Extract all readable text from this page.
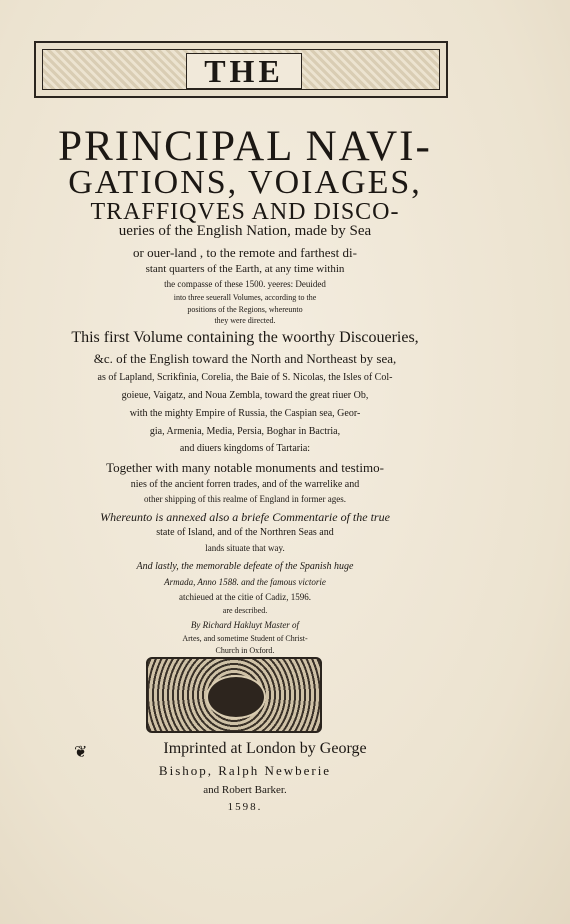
THE
PRINCIPAL NAVI-
GATIONS, VOIAGES,
TRAFFIQVES AND DISCO-
ueries of the English Nation, made by Sea
or ouer-land , to the remote and farthest di-
stant quarters of the Earth, at any time within
the compasse of these 1500. yeeres: Deuided
into three seuerall Volumes, according to the
positions of the Regions, whereunto
they were directed.
This first Volume containing the woorthy Discoueries,
&c. of the English toward the North and Northeast by sea,
as of Lapland, Scrikfinia, Corelia, the Baie of S. Nicolas, the Isles of Col-
goieue, Vaigatz, and Noua Zembla, toward the great riuer Ob,
with the mighty Empire of Russia, the Caspian sea, Geor-
gia, Armenia, Media, Persia, Boghar in Bactria,
and diuers kingdoms of Tartaria:
Together with many notable monuments and testimo-
nies of the ancient forren trades, and of the warrelike and
other shipping of this realme of England in former ages.
Whereunto is annexed also a briefe Commentarie of the true
state of Island, and of the Northren Seas and
lands situate that way.
And lastly, the memorable defeate of the Spanish huge
Armada, Anno 1588. and the famous victorie
atchieued at the citie of Cadiz, 1596.
are described.
By Richard Hakluyt Master of
Artes, and sometime Student of Christ-
Church in Oxford.
❦	Imprinted at London by George
Bishop, Ralph Newberie
and Robert Barker.
1598.
